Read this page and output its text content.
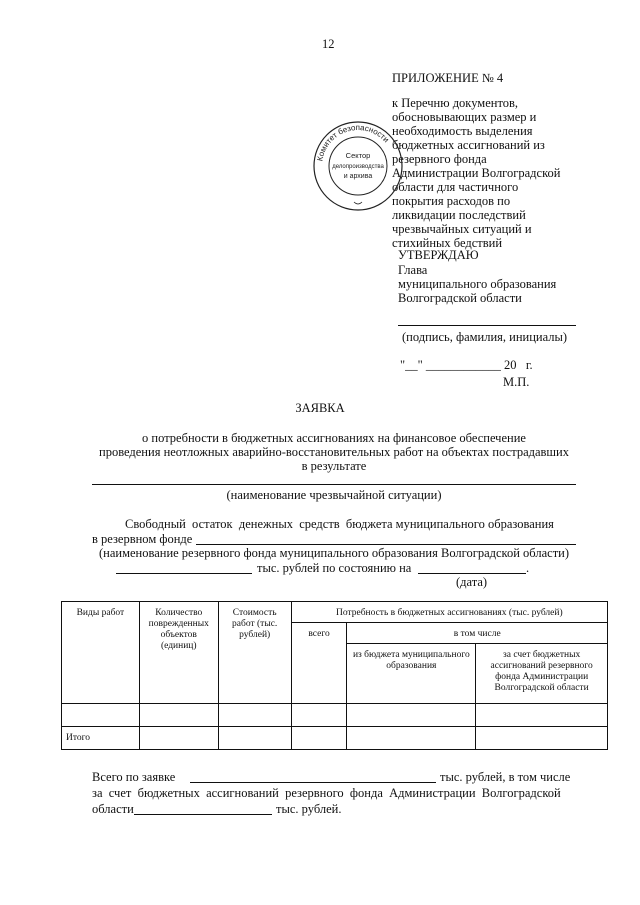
12
ПРИЛОЖЕНИЕ № 4
к Перечню документов,
обосновывающих размер и
необходимость выделения
бюджетных ассигнований из
резервного фонда
Администрации Волгоградской
области для частичного
покрытия расходов по
ликвидации последствий
чрезвычайных ситуаций и
стихийных бедствий
Комитет безопасности
Сектор
делопроизводства
и архива
УТВЕРЖДАЮ
Глава
муниципального образования
Волгоградской области
(подпись, фамилия, инициалы)
"__" ____________ 20   г.
М.П.
ЗАЯВКА
о потребности в бюджетных ассигнованиях на финансовое обеспечение
проведения неотложных аварийно-восстановительных работ на объектах пострадавших
в результате
(наименование чрезвычайной ситуации)
Свободный  остаток  денежных  средств  бюджета муниципального образования
в резервном фонде
(наименование резервного фонда муниципального образования Волгоградской области)
тыс. рублей по состоянию на	.
(дата)
Виды работ	Количество поврежденных объектов (единиц)	Стоимость работ (тыс. рублей)	Потребность в бюджетных ассигнованиях (тыс. рублей)		
			всего	в том числе	
				из бюджета муниципального образования	за счет бюджетных ассигнований резервного фонда Администрации Волгоградской области

Итого					
Всего по заявке	тыс. рублей, в том числе
за  счет  бюджетных  ассигнований  резервного  фонда  Администрации  Волгоградской
области	тыс. рублей.
